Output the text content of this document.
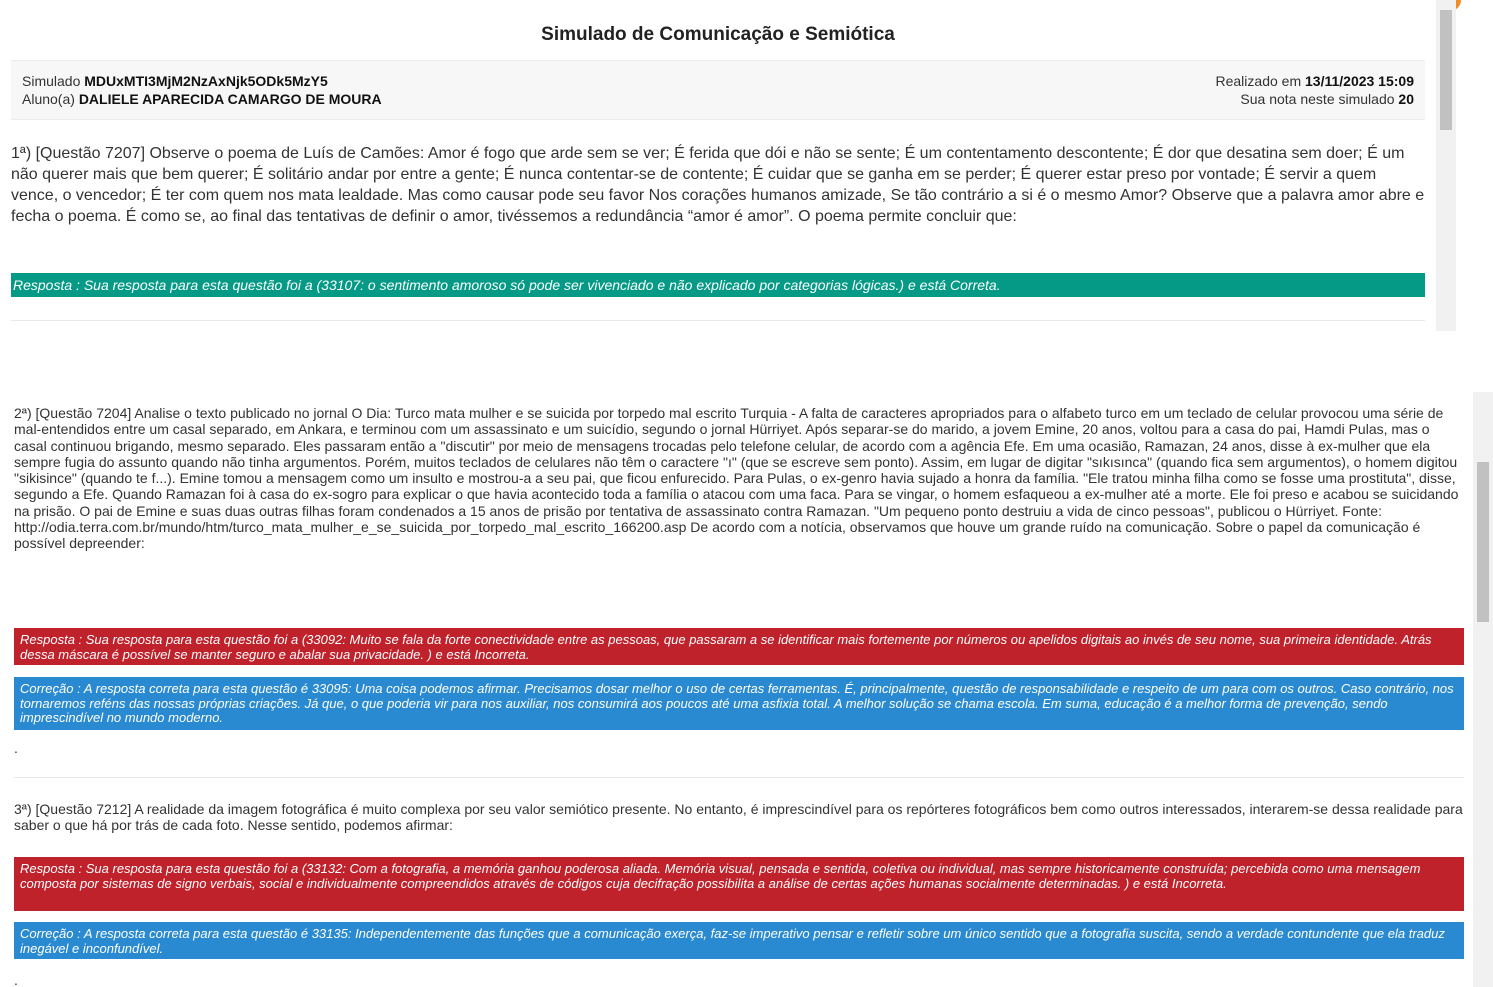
Simulado de Comunicação e Semiótica
Simulado MDUxMTI3MjM2NzAxNjk5ODk5MzY5
Aluno(a) DALIELE APARECIDA CAMARGO DE MOURA
Realizado em 13/11/2023 15:09
Sua nota neste simulado 20
1ª) [Questão 7207] Observe o poema de Luís de Camões: Amor é fogo que arde sem se ver; É ferida que dói e não se sente; É um contentamento descontente; É dor que desatina sem doer; É um não querer mais que bem querer; É solitário andar por entre a gente; É nunca contentar-se de contente; É cuidar que se ganha em se perder; É querer estar preso por vontade; É servir a quem vence, o vencedor; É ter com quem nos mata lealdade. Mas como causar pode seu favor Nos corações humanos amizade, Se tão contrário a si é o mesmo Amor? Observe que a palavra amor abre e fecha o poema. É como se, ao final das tentativas de definir o amor, tivéssemos a redundância “amor é amor”. O poema permite concluir que:
Resposta : Sua resposta para esta questão foi a (33107: o sentimento amoroso só pode ser vivenciado e não explicado por categorias lógicas.) e está Correta.
2ª) [Questão 7204] Analise o texto publicado no jornal O Dia: Turco mata mulher e se suicida por torpedo mal escrito Turquia - A falta de caracteres apropriados para o alfabeto turco em um teclado de celular provocou uma série de mal-entendidos entre um casal separado, em Ankara, e terminou com um assassinato e um suicídio, segundo o jornal Hürriyet. Após separar-se do marido, a jovem Emine, 20 anos, voltou para a casa do pai, Hamdi Pulas, mas o casal continuou brigando, mesmo separado. Eles passaram então a "discutir" por meio de mensagens trocadas pelo telefone celular, de acordo com a agência Efe. Em uma ocasião, Ramazan, 24 anos, disse à ex-mulher que ela sempre fugia do assunto quando não tinha argumentos. Porém, muitos teclados de celulares não têm o caractere "ı" (que se escreve sem ponto). Assim, em lugar de digitar "sıkısınca" (quando fica sem argumentos), o homem digitou "sikisince" (quando te f...). Emine tomou a mensagem como um insulto e mostrou-a a seu pai, que ficou enfurecido. Para Pulas, o ex-genro havia sujado a honra da família. "Ele tratou minha filha como se fosse uma prostituta", disse, segundo a Efe. Quando Ramazan foi à casa do ex-sogro para explicar o que havia acontecido toda a família o atacou com uma faca. Para se vingar, o homem esfaqueou a ex-mulher até a morte. Ele foi preso e acabou se suicidando na prisão. O pai de Emine e suas duas outras filhas foram condenados a 15 anos de prisão por tentativa de assassinato contra Ramazan. "Um pequeno ponto destruiu a vida de cinco pessoas", publicou o Hürriyet. Fonte: http://odia.terra.com.br/mundo/htm/turco_mata_mulher_e_se_suicida_por_torpedo_mal_escrito_166200.asp De acordo com a notícia, observamos que houve um grande ruído na comunicação. Sobre o papel da comunicação é possível depreender:
Resposta : Sua resposta para esta questão foi a (33092: Muito se fala da forte conectividade entre as pessoas, que passaram a se identificar mais fortemente por números ou apelidos digitais ao invés de seu nome, sua primeira identidade. Atrás dessa máscara é possível se manter seguro e abalar sua privacidade. ) e está Incorreta.
Correção : A resposta correta para esta questão é 33095: Uma coisa podemos afirmar. Precisamos dosar melhor o uso de certas ferramentas. É, principalmente, questão de responsabilidade e respeito de um para com os outros. Caso contrário, nos tornaremos reféns das nossas próprias criações. Já que, o que poderia vir para nos auxiliar, nos consumirá aos poucos até uma asfixia total. A melhor solução se chama escola. Em suma, educação é a melhor forma de prevenção, sendo imprescindível no mundo moderno.
.
3ª) [Questão 7212] A realidade da imagem fotográfica é muito complexa por seu valor semiótico presente. No entanto, é imprescindível para os repórteres fotográficos bem como outros interessados, interarem-se dessa realidade para saber o que há por trás de cada foto. Nesse sentido, podemos afirmar:
Resposta : Sua resposta para esta questão foi a (33132: Com a fotografia, a memória ganhou poderosa aliada. Memória visual, pensada e sentida, coletiva ou individual, mas sempre historicamente construída; percebida como uma mensagem composta por sistemas de signo verbais, social e individualmente compreendidos através de códigos cuja decifração possibilita a análise de certas ações humanas socialmente determinadas. ) e está Incorreta.
Correção : A resposta correta para esta questão é 33135: Independentemente das funções que a comunicação exerça, faz-se imperativo pensar e refletir sobre um único sentido que a fotografia suscita, sendo a verdade contundente que ela traduz inegável e inconfundível.
.
